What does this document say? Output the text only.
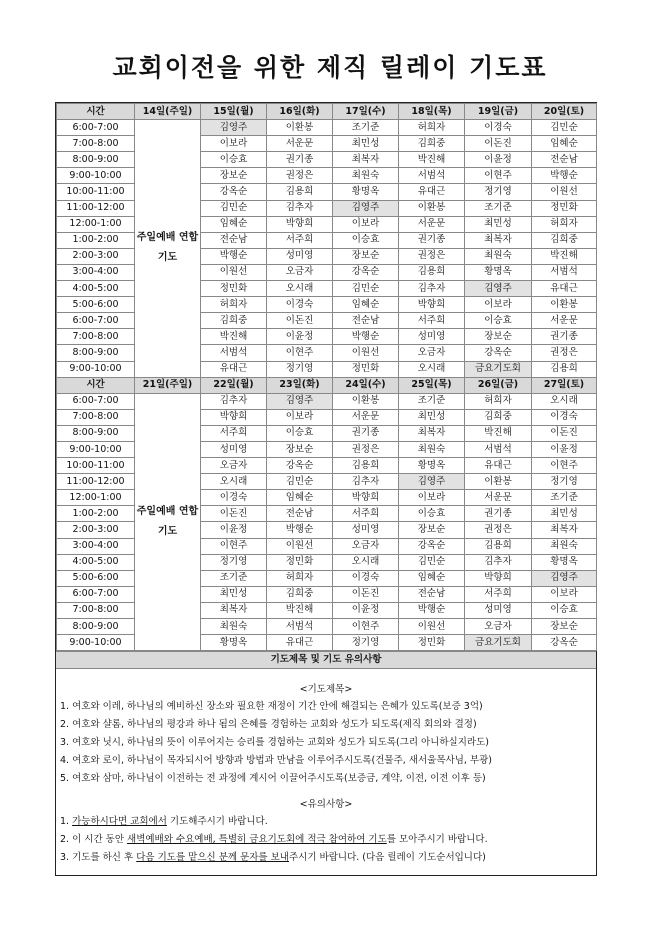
교회이전을 위한 제직 릴레이 기도표
시간	14일(주일)	15일(월)	16일(화)	17일(수)	18일(목)	19일(금)	20일(토)
6:00-7:00	주일예배 연합기도	김영주	이환봉	조기준	허희자	이경숙	김민순
7:00-8:00		이보라	서운문	최민성	김희중	이돈진	임혜순
8:00-9:00		이승효	권기종	최복자	박진해	이윤정	전순남
9:00-10:00		장보순	권정은	최원숙	서범석	이현주	박행순
10:00-11:00		강옥순	김용희	황명옥	유대근	정기영	이원선
11:00-12:00		김민순	김추자	김영주	이환봉	조기준	정민화
12:00-1:00		임혜순	박향희	이보라	서운문	최민성	허희자
1:00-2:00		전순남	서주희	이승효	권기종	최복자	김희중
2:00-3:00		박행순	성미영	장보순	권정은	최원숙	박진해
3:00-4:00		이원선	오금자	강옥순	김용희	황명옥	서범석
4:00-5:00		정민화	오시래	김민순	김추자	김영주	유대근
5:00-6:00		허희자	이경숙	임혜순	박향희	이보라	이환봉
6:00-7:00		김희중	이돈진	전순남	서주희	이승효	서운문
7:00-8:00		박진해	이윤정	박행순	성미영	장보순	권기종
8:00-9:00		서범석	이현주	이원선	오금자	강옥순	권정은
9:00-10:00		유대근	정기영	정민화	오시래	금요기도회	김용희
시간	21일(주일)	22일(월)	23일(화)	24일(수)	25일(목)	26일(금)	27일(토)
6:00-7:00	주일예배 연합기도	김추자	김영주	이환봉	조기준	허희자	오시래
7:00-8:00		박향희	이보라	서운문	최민성	김희중	이경숙
8:00-9:00		서주희	이승효	권기종	최복자	박진해	이돈진
9:00-10:00		성미영	장보순	권정은	최원숙	서범석	이윤정
10:00-11:00		오금자	강옥순	김용희	황명옥	유대근	이현주
11:00-12:00		오시래	김민순	김추자	김영주	이환봉	정기영
12:00-1:00		이경숙	임혜순	박향희	이보라	서운문	조기준
1:00-2:00		이돈진	전순남	서주희	이승효	권기종	최민성
2:00-3:00		이윤정	박행순	성미영	장보순	권정은	최복자
3:00-4:00		이현주	이원선	오금자	강옥순	김용희	최원숙
4:00-5:00		정기영	정민화	오시래	김민순	김추자	황명옥
5:00-6:00		조기준	허희자	이경숙	임혜순	박향희	김영주
6:00-7:00		최민성	김희중	이돈진	전순남	서주희	이보라
7:00-8:00		최복자	박진해	이윤정	박행순	성미영	이승효
8:00-9:00		최원숙	서범석	이현주	이원선	오금자	장보순
9:00-10:00		황명옥	유대근	정기영	정민화	금요기도회	강옥순
기도제목 및 기도 유의사항
<기도제목>
1. 여호와 이레, 하나님의 예비하신 장소와 필요한 재정이 기간 안에 해결되는 은혜가 있도록(보증 3억)
2. 여호와 샬롬, 하나님의 평강과 하나 됨의 은혜를 경험하는 교회와 성도가 되도록(제직 회의와 결정)
3. 여호와 닛시, 하나님의 뜻이 이루어지는 승리를 경험하는 교회와 성도가 되도록(그리 아니하실지라도)
4. 여호와 로이, 하나님이 목자되시어 방향과 방법과 만남을 이루어주시도록(건물주, 새서울목사님, 부광)
5. 여호와 삼마, 하나님이 이전하는 전 과정에 계시어 이끌어주시도록(보증금, 계약, 이전, 이전 이후 등)
<유의사항>
1. 가능하시다면 교회에서 기도해주시기 바랍니다.
2. 이 시간 동안 새벽예배와 수요예배, 특별히 금요기도회에 적극 참여하여 기도를 모아주시기 바랍니다.
3. 기도를 하신 후 다음 기도를 맡으신 분께 문자를 보내주시기 바랍니다. (다음 릴레이 기도순서입니다)
